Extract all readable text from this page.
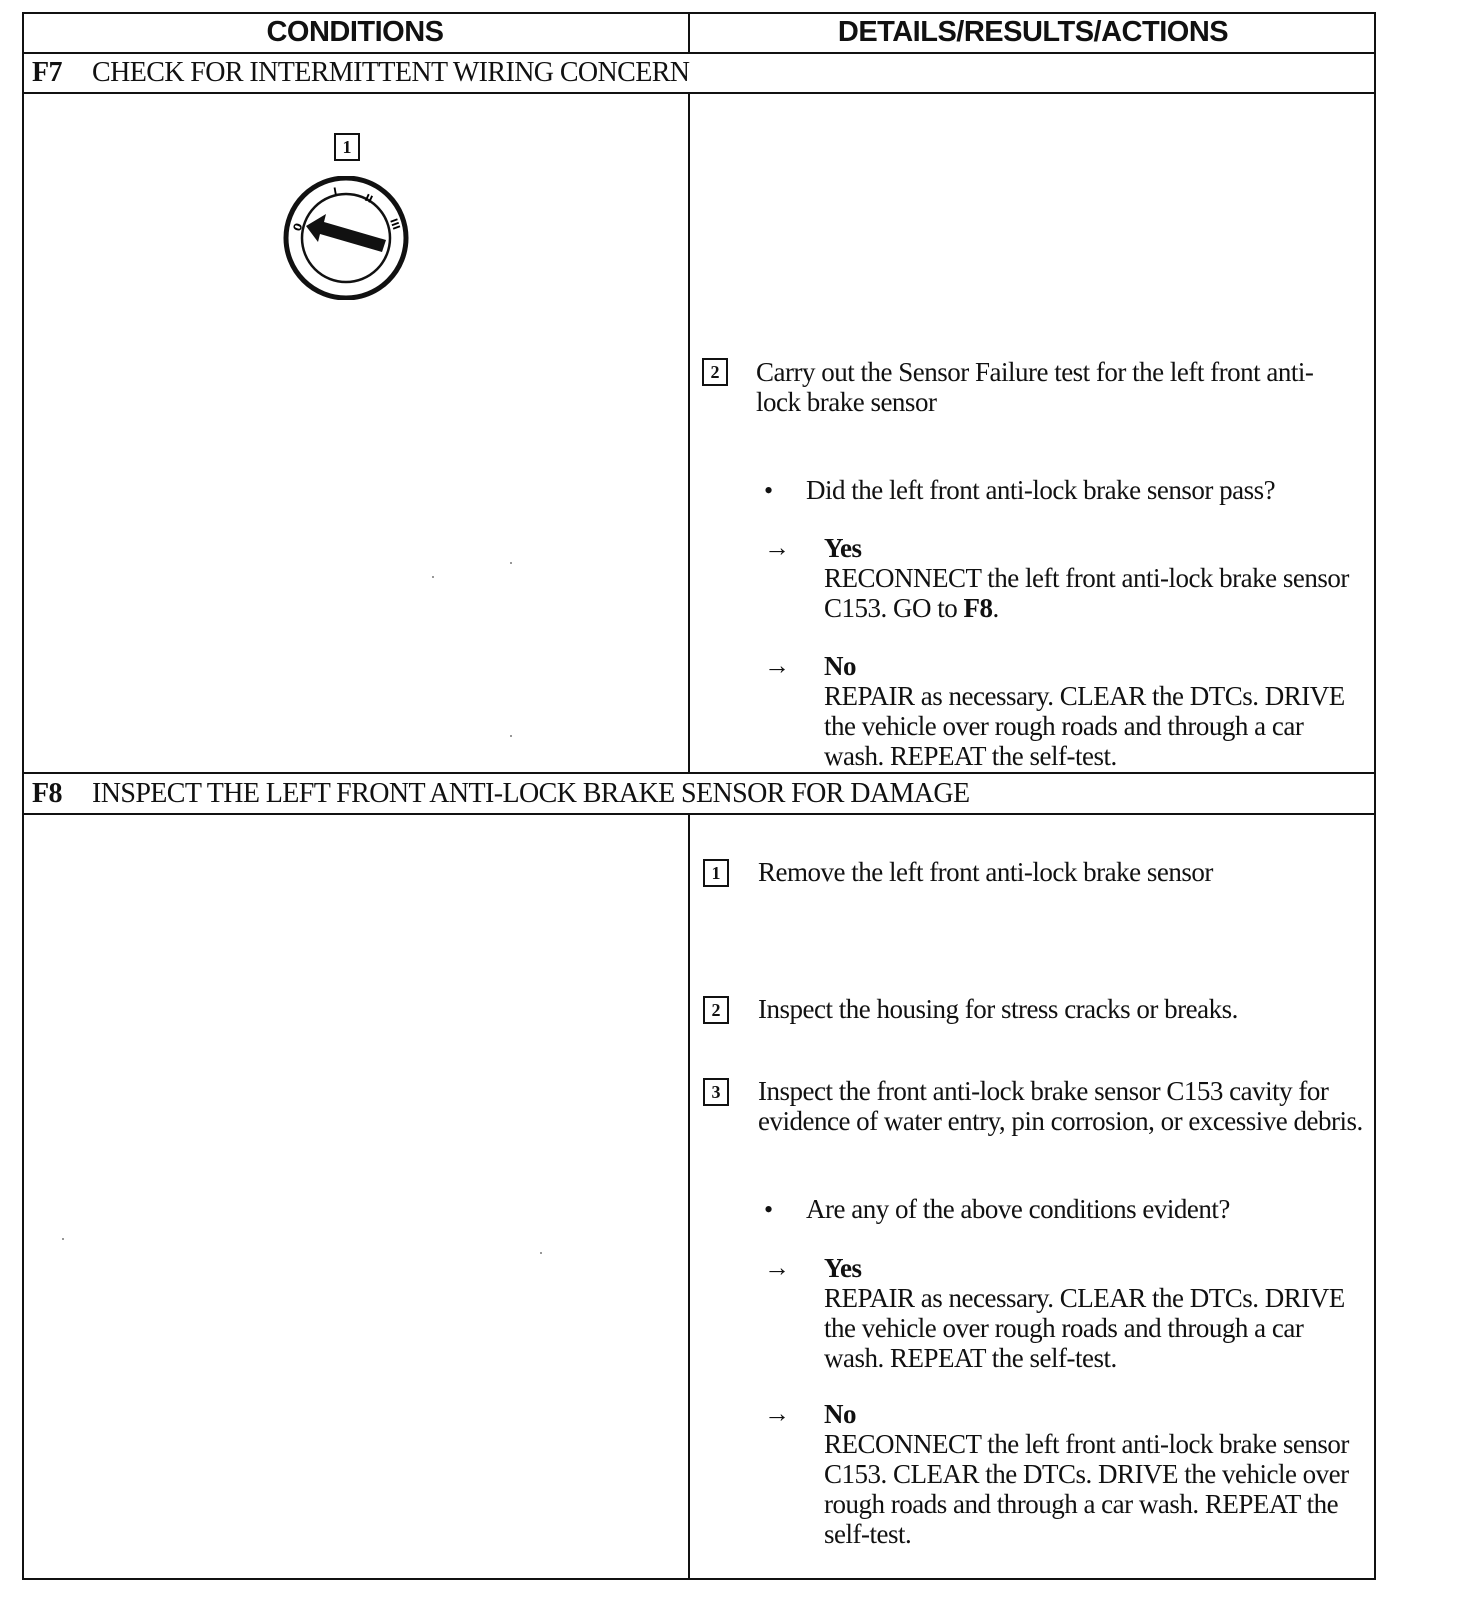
CONDITIONS	DETAILS/RESULTS/ACTIONS
F7 CHECK FOR INTERMITTENT WIRING CONCERN
1
0
I
II
III
2	Carry out the Sensor Failure test for the left front anti-lock brake sensor
• Did the left front anti-lock brake sensor pass?
→ Yes
RECONNECT the left front anti-lock brake sensor C153. GO to F8.
→ No
REPAIR as necessary. CLEAR the DTCs. DRIVE the vehicle over rough roads and through a car wash. REPEAT the self-test.
F8 INSPECT THE LEFT FRONT ANTI-LOCK BRAKE SENSOR FOR DAMAGE
1	Remove the left front anti-lock brake sensor
2	Inspect the housing for stress cracks or breaks.
3	Inspect the front anti-lock brake sensor C153 cavity for evidence of water entry, pin corrosion, or excessive debris.
• Are any of the above conditions evident?
→ Yes
REPAIR as necessary. CLEAR the DTCs. DRIVE the vehicle over rough roads and through a car wash. REPEAT the self-test.
→ No
RECONNECT the left front anti-lock brake sensor C153. CLEAR the DTCs. DRIVE the vehicle over rough roads and through a car wash. REPEAT the self-test.
